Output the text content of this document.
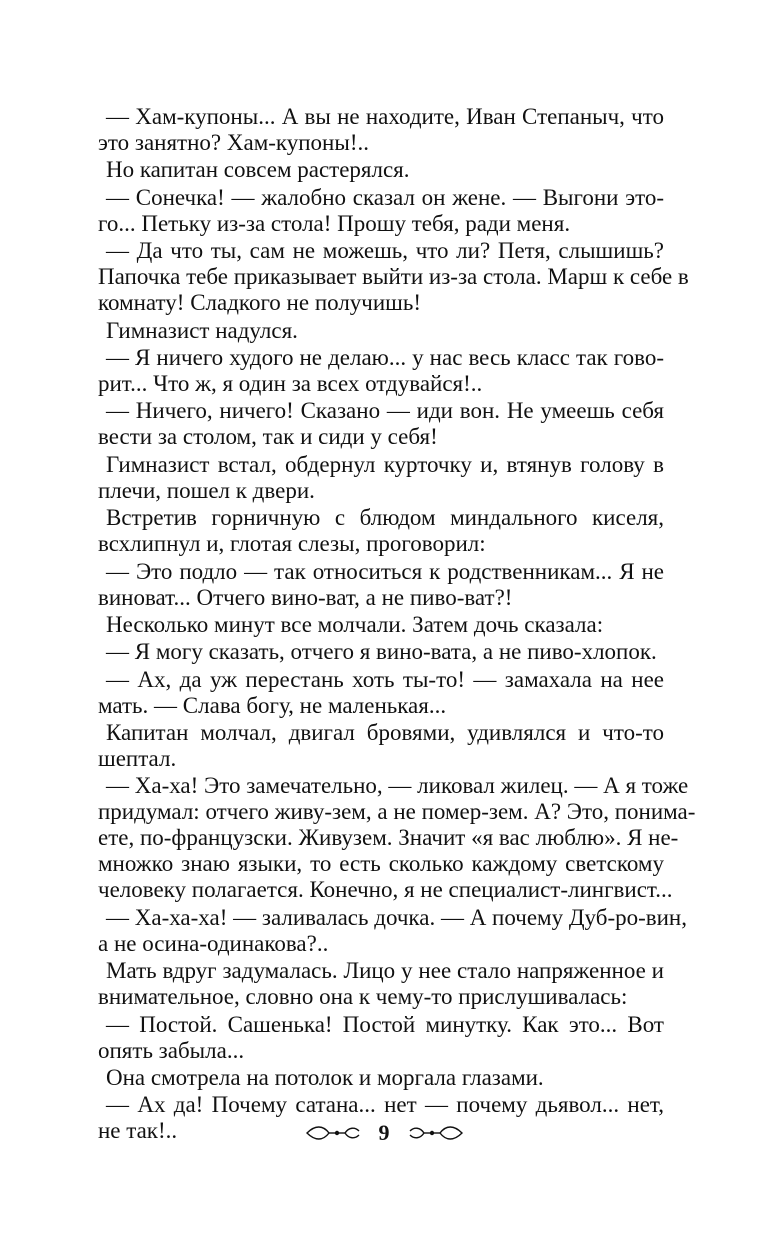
— Хам-купоны... А вы не находите, Иван Степаныч, что
это занятно? Хам-купоны!..
Но капитан совсем растерялся.
— Сонечка! — жалобно сказал он жене. — Выгони это-
го... Петьку из-за стола! Прошу тебя, ради меня.
— Да что ты, сам не можешь, что ли? Петя, слышишь?
Папочка тебе приказывает выйти из-за стола. Марш к себе в
комнату! Сладкого не получишь!
Гимназист надулся.
— Я ничего худого не делаю... у нас весь класс так гово-
рит... Что ж, я один за всех отдувайся!..
— Ничего, ничего! Сказано — иди вон. Не умеешь себя
вести за столом, так и сиди у себя!
Гимназист встал, обдернул курточку и, втянув голову в
плечи, пошел к двери.
Встретив горничную с блюдом миндального киселя,
всхлипнул и, глотая слезы, проговорил:
— Это подло — так относиться к родственникам... Я не
виноват... Отчего вино-ват, а не пиво-ват?!
Несколько минут все молчали. Затем дочь сказала:
— Я могу сказать, отчего я вино-вата, а не пиво-хлопок.
— Ах, да уж перестань хоть ты-то! — замахала на нее
мать. — Слава богу, не маленькая...
Капитан молчал, двигал бровями, удивлялся и что-то
шептал.
— Ха-ха! Это замечательно, — ликовал жилец. — А я тоже
придумал: отчего живу-зем, а не помер-зем. А? Это, понима-
ете, по-французски. Живузем. Значит «я вас люблю». Я не-
множко знаю языки, то есть сколько каждому светскому
человеку полагается. Конечно, я не специалист-лингвист...
— Ха-ха-ха! — заливалась дочка. — А почему Дуб-ро-вин,
а не осина-одинакова?..
Мать вдруг задумалась. Лицо у нее стало напряженное и
внимательное, словно она к чему-то прислушивалась:
— Постой. Сашенька! Постой минутку. Как это... Вот
опять забыла...
Она смотрела на потолок и моргала глазами.
— Ах да! Почему сатана... нет — почему дьявол... нет,
не так!..	9
